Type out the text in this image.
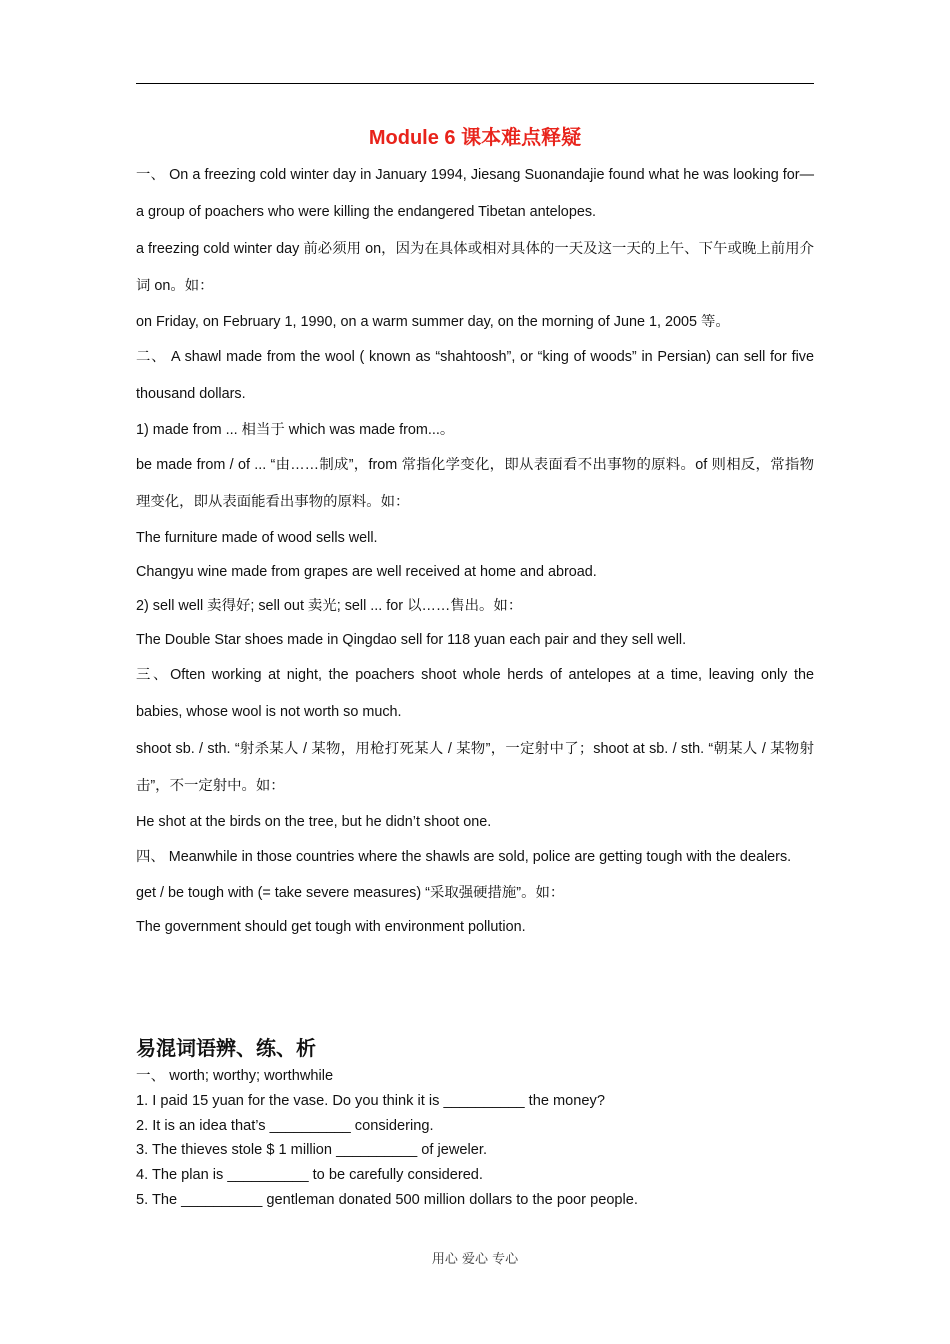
Module 6 课本难点释疑

一、 On a freezing cold winter day in January 1994, Jiesang Suonandajie found what he was looking for—a group of poachers who were killing the endangered Tibetan antelopes.

a freezing cold winter day 前必须用 on，因为在具体或相对具体的一天及这一天的上午、下午或晚上前用介词 on。如：

on Friday, on February 1, 1990, on a warm summer day, on the morning of June 1, 2005 等。

二、 A shawl made from the wool ( known as “shahtoosh”, or “king of woods” in Persian) can sell for five thousand dollars.

1) made from ... 相当于 which was made from...。

be made from / of ... “由……制成”，from 常指化学变化，即从表面看不出事物的原料。of 则相反，常指物理变化，即从表面能看出事物的原料。如：

The furniture made of wood sells well.

Changyu wine made from grapes are well received at home and abroad.

2) sell well 卖得好; sell out 卖光; sell ... for 以……售出。如：

The Double Star shoes made in Qingdao sell for 118 yuan each pair and they sell well.

三、Often working at night, the poachers shoot whole herds of antelopes at a time, leaving only the babies, whose wool is not worth so much.

shoot sb. / sth. “射杀某人 / 某物，用枪打死某人 / 某物”，一定射中了；shoot at sb. / sth. “朝某人 / 某物射击”，不一定射中。如：

He shot at the birds on the tree, but he didn’t shoot one.

四、 Meanwhile in those countries where the shawls are sold, police are getting tough with the dealers.

get / be tough with (= take severe measures) “采取强硬措施”。如：

The government should get tough with environment pollution.

易混词语辨、练、析

一、 worth; worthy; worthwhile

1. I paid 15 yuan for the vase. Do you think it is __________ the money?

2. It is an idea that’s __________ considering.

3. The thieves stole $ 1 million __________ of jeweler.

4. The plan is __________ to be carefully considered.

5. The __________ gentleman donated 500 million dollars to the poor people.

用心 爱心 专心
